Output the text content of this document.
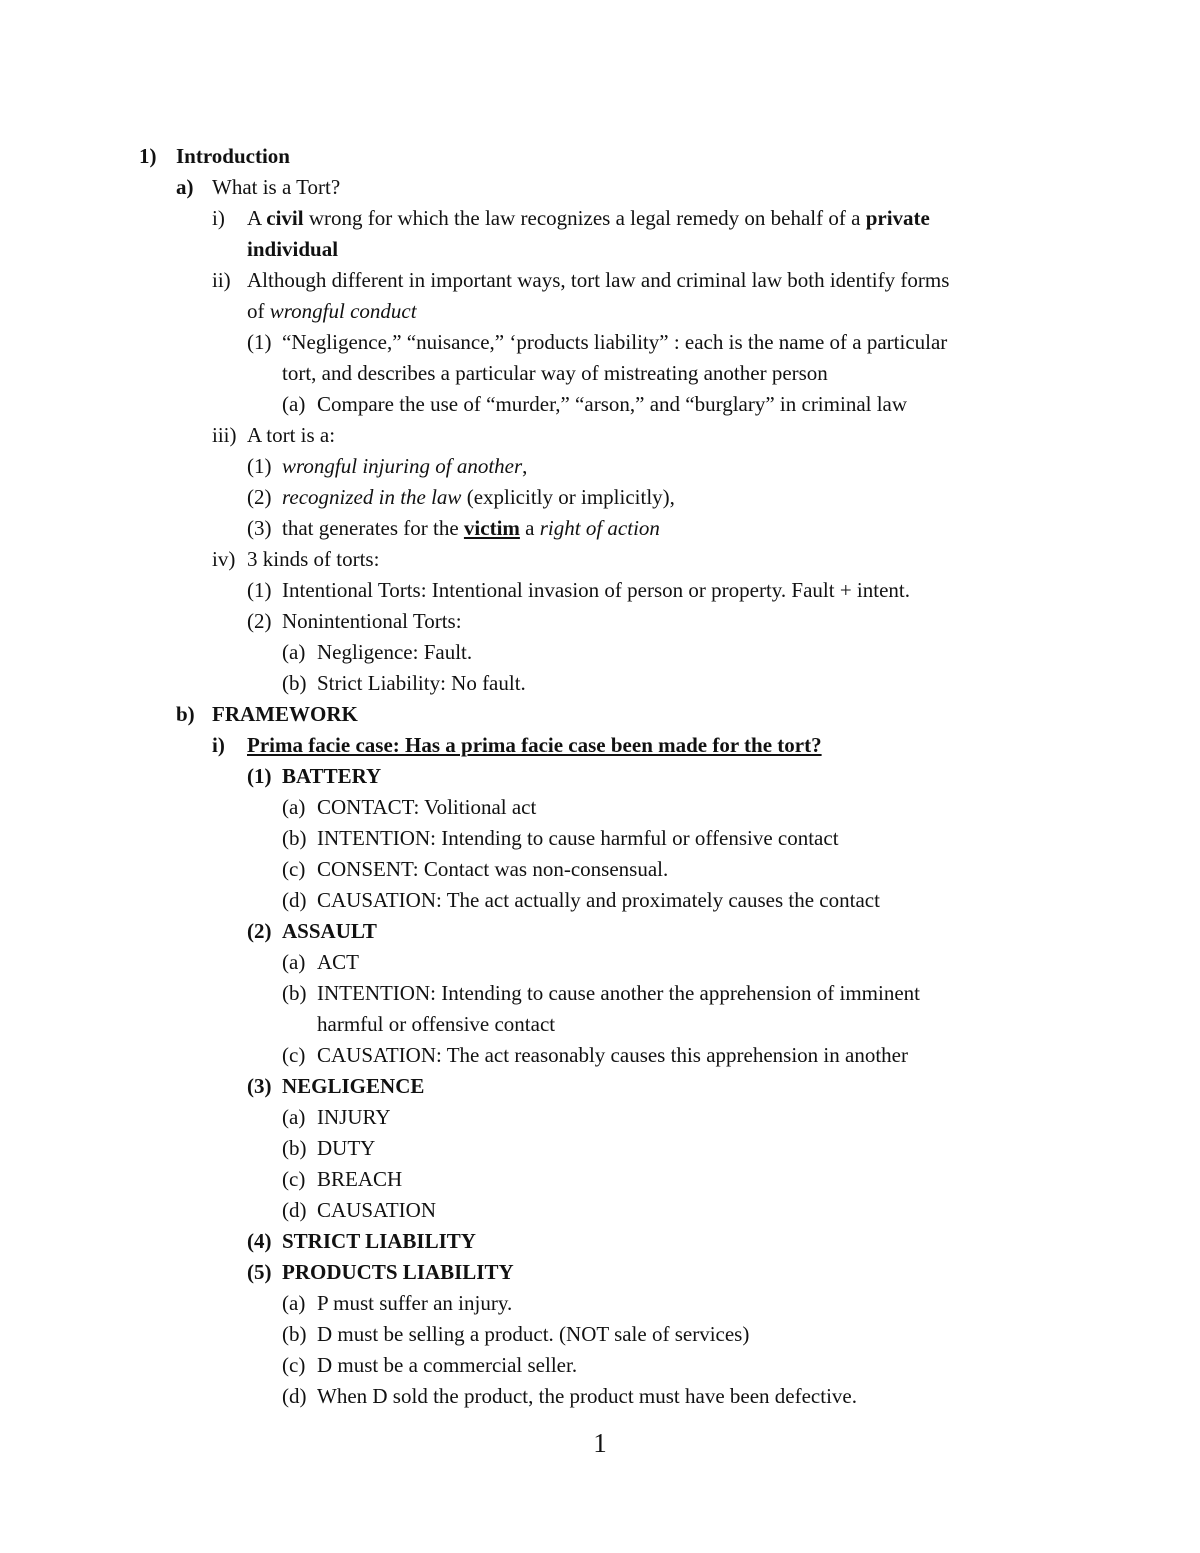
1) Introduction
a) What is a Tort?
i) A civil wrong for which the law recognizes a legal remedy on behalf of a private
individual
ii) Although different in important ways, tort law and criminal law both identify forms
of wrongful conduct
(1) “Negligence,” “nuisance,” ‘products liability” : each is the name of a particular
tort, and describes a particular way of mistreating another person
(a) Compare the use of “murder,” “arson,” and “burglary” in criminal law
iii) A tort is a:
(1) wrongful injuring of another,
(2) recognized in the law (explicitly or implicitly),
(3) that generates for the victim a right of action
iv) 3 kinds of torts:
(1) Intentional Torts: Intentional invasion of person or property. Fault + intent.
(2) Nonintentional Torts:
(a) Negligence: Fault.
(b) Strict Liability: No fault.
b) FRAMEWORK
i) Prima facie case: Has a prima facie case been made for the tort?
(1) BATTERY
(a) CONTACT: Volitional act
(b) INTENTION: Intending to cause harmful or offensive contact
(c) CONSENT: Contact was non-consensual.
(d) CAUSATION: The act actually and proximately causes the contact
(2) ASSAULT
(a) ACT
(b) INTENTION: Intending to cause another the apprehension of imminent
harmful or offensive contact
(c) CAUSATION: The act reasonably causes this apprehension in another
(3) NEGLIGENCE
(a) INJURY
(b) DUTY
(c) BREACH
(d) CAUSATION
(4) STRICT LIABILITY
(5) PRODUCTS LIABILITY
(a) P must suffer an injury.
(b) D must be selling a product. (NOT sale of services)
(c) D must be a commercial seller.
(d) When D sold the product, the product must have been defective.
1
